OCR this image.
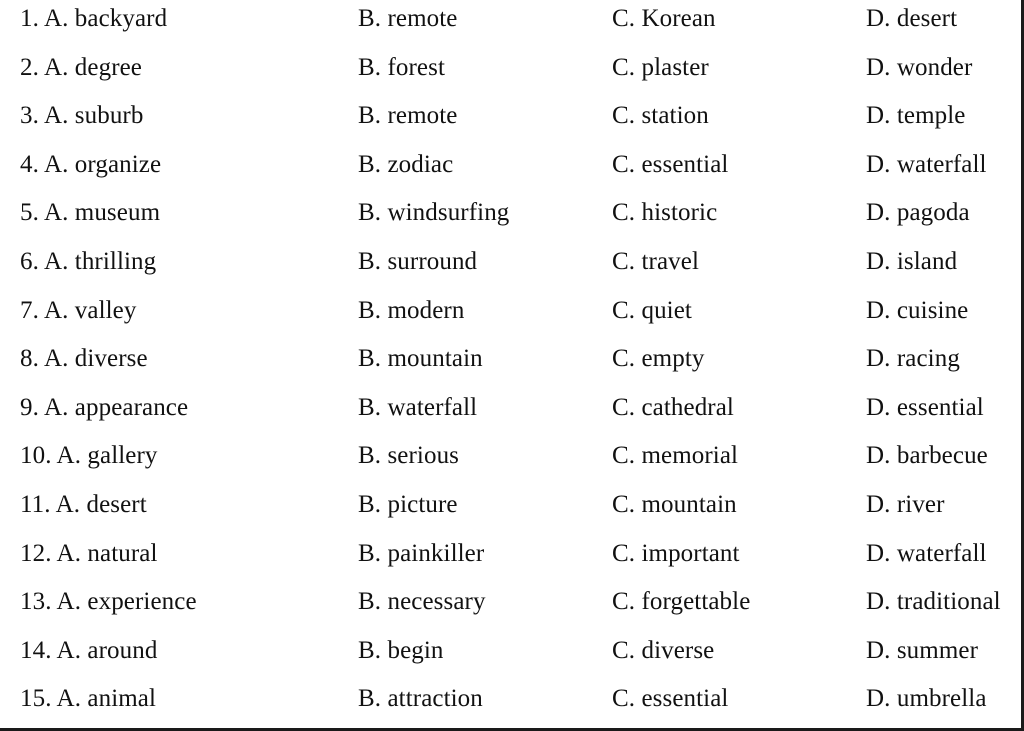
1. A. backyard	B. remote	C. Korean	D. desert
2. A. degree	B. forest	C. plaster	D. wonder
3. A. suburb	B. remote	C. station	D. temple
4. A. organize	B. zodiac	C. essential	D. waterfall
5. A. museum	B. windsurfing	C. historic	D. pagoda
6. A. thrilling	B. surround	C. travel	D. island
7. A. valley	B. modern	C. quiet	D. cuisine
8. A. diverse	B. mountain	C. empty	D. racing
9. A. appearance	B. waterfall	C. cathedral	D. essential
10. A. gallery	B. serious	C. memorial	D. barbecue
11. A. desert	B. picture	C. mountain	D. river
12. A. natural	B. painkiller	C. important	D. waterfall
13. A. experience	B. necessary	C. forgettable	D. traditional
14. A. around	B. begin	C. diverse	D. summer
15. A. animal	B. attraction	C. essential	D. umbrella
